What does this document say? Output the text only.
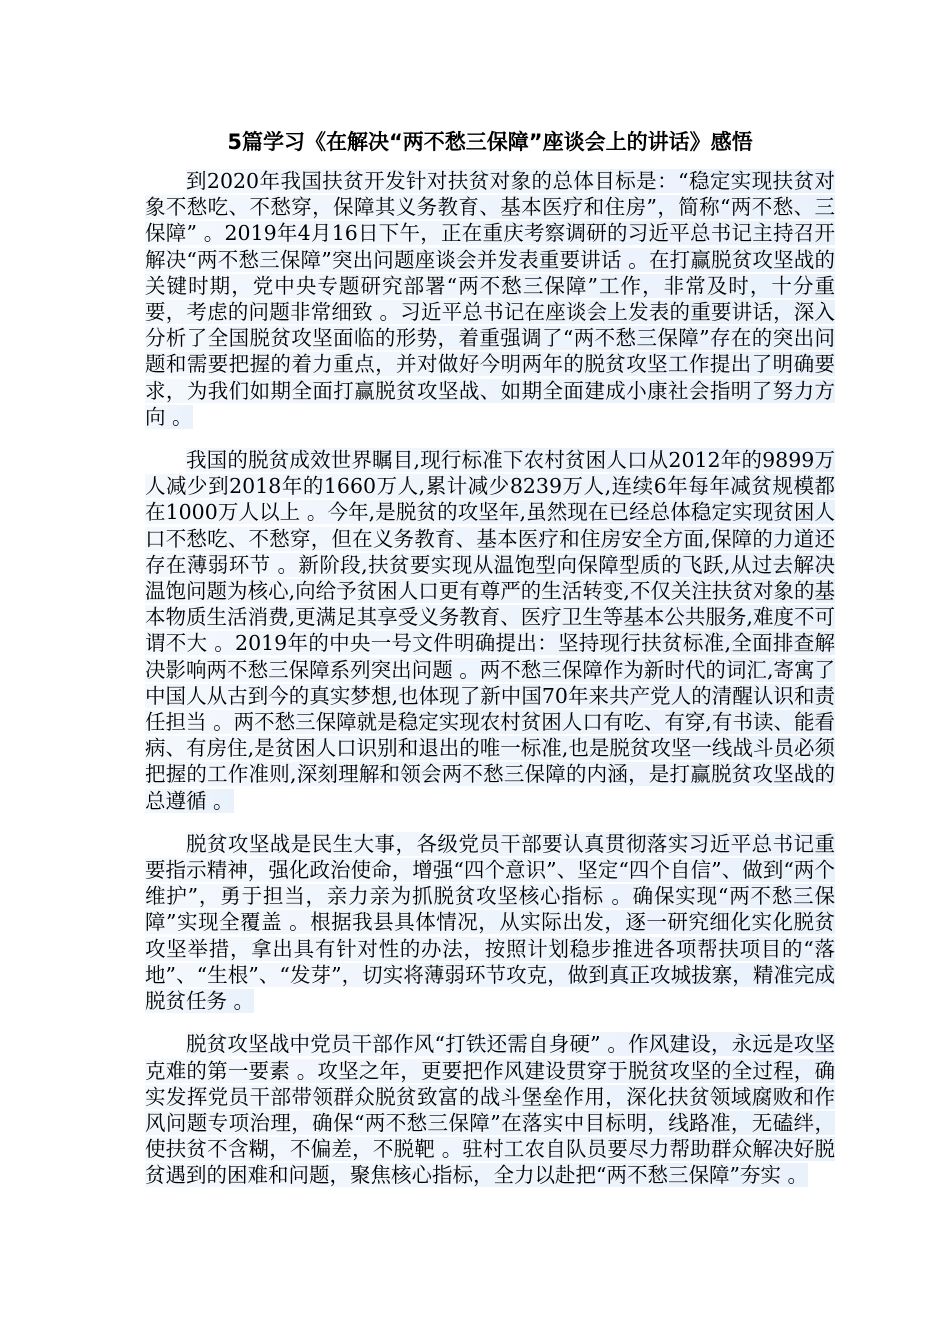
5篇学习《在解决“两不愁三保障”座谈会上的讲话》感悟

到2020年我国扶贫开发针对扶贫对象的总体目标是：“稳定实现扶贫对象不愁吃、不愁穿，保障其义务教育、基本医疗和住房”，简称“两不愁、三保障” 。2019年4月16日下午，正在重庆考察调研的习近平总书记主持召开解决“两不愁三保障”突出问题座谈会并发表重要讲话 。在打赢脱贫攻坚战的关键时期，党中央专题研究部署“两不愁三保障”工作，非常及时，十分重要，考虑的问题非常细致 。习近平总书记在座谈会上发表的重要讲话，深入分析了全国脱贫攻坚面临的形势，着重强调了“两不愁三保障”存在的突出问题和需要把握的着力重点，并对做好今明两年的脱贫攻坚工作提出了明确要求，为我们如期全面打赢脱贫攻坚战、如期全面建成小康社会指明了努力方向 。

我国的脱贫成效世界瞩目,现行标准下农村贫困人口从2012年的9899万人减少到2018年的1660万人,累计减少8239万人,连续6年每年减贫规模都在1000万人以上 。今年,是脱贫的攻坚年,虽然现在已经总体稳定实现贫困人口不愁吃、不愁穿，但在义务教育、基本医疗和住房安全方面,保障的力道还存在薄弱环节 。新阶段,扶贫要实现从温饱型向保障型质的飞跃,从过去解决温饱问题为核心,向给予贫困人口更有尊严的生活转变,不仅关注扶贫对象的基本物质生活消费,更满足其享受义务教育、医疗卫生等基本公共服务,难度不可谓不大 。2019年的中央一号文件明确提出：坚持现行扶贫标准,全面排查解决影响两不愁三保障系列突出问题 。两不愁三保障作为新时代的词汇,寄寓了中国人从古到今的真实梦想,也体现了新中国70年来共产党人的清醒认识和责任担当 。两不愁三保障就是稳定实现农村贫困人口有吃、有穿,有书读、能看病、有房住,是贫困人口识别和退出的唯一标准,也是脱贫攻坚一线战斗员必须把握的工作准则,深刻理解和领会两不愁三保障的内涵，是打赢脱贫攻坚战的总遵循 。

脱贫攻坚战是民生大事，各级党员干部要认真贯彻落实习近平总书记重要指示精神，强化政治使命，增强“四个意识”、坚定“四个自信”、做到“两个维护”，勇于担当，亲力亲为抓脱贫攻坚核心指标 。确保实现“两不愁三保障”实现全覆盖 。根据我县具体情况，从实际出发，逐一研究细化实化脱贫攻坚举措，拿出具有针对性的办法，按照计划稳步推进各项帮扶项目的“落地”、“生根”、“发芽”，切实将薄弱环节攻克，做到真正攻城拔寨，精准完成脱贫任务 。

脱贫攻坚战中党员干部作风“打铁还需自身硬” 。作风建设，永远是攻坚克难的第一要素 。攻坚之年，更要把作风建设贯穿于脱贫攻坚的全过程，确实发挥党员干部带领群众脱贫致富的战斗堡垒作用，深化扶贫领域腐败和作风问题专项治理，确保“两不愁三保障”在落实中目标明，线路准，无磕绊，使扶贫不含糊，不偏差，不脱靶 。驻村工农自队员要尽力帮助群众解决好脱贫遇到的困难和问题，聚焦核心指标，全力以赴把“两不愁三保障”夯实 。
